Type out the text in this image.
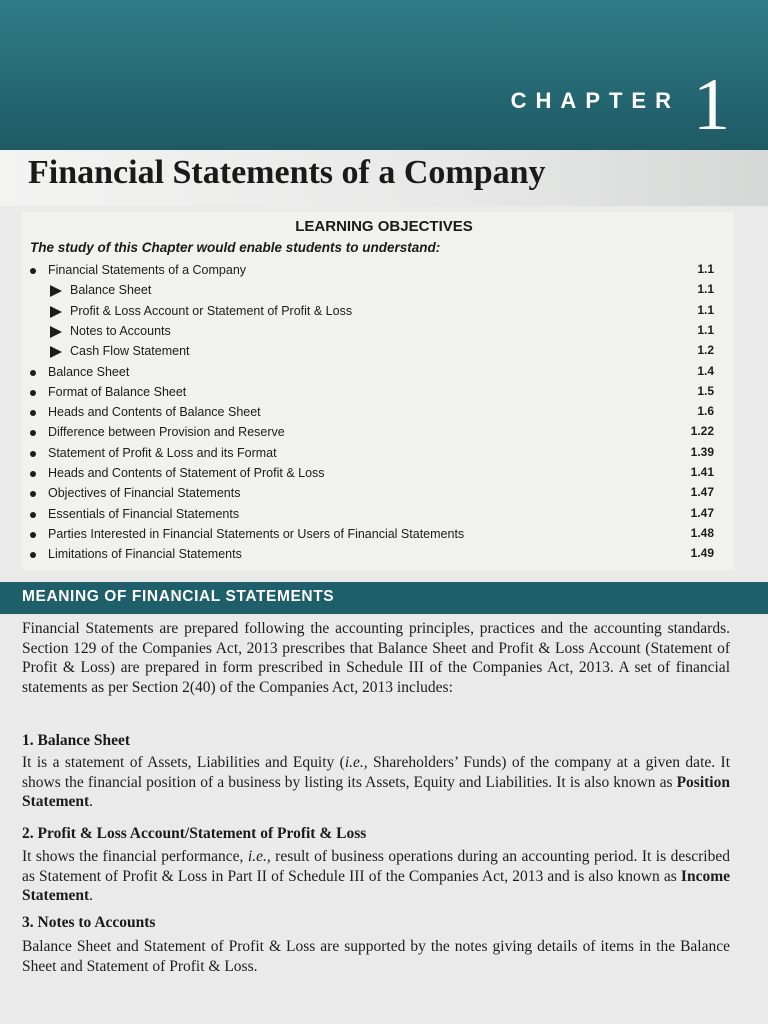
CHAPTER 1
Financial Statements of a Company
LEARNING OBJECTIVES
The study of this Chapter would enable students to understand:
Financial Statements of a Company	1.1
Balance Sheet	1.1
Profit & Loss Account or Statement of Profit & Loss	1.1
Notes to Accounts	1.1
Cash Flow Statement	1.2
Balance Sheet	1.4
Format of Balance Sheet	1.5
Heads and Contents of Balance Sheet	1.6
Difference between Provision and Reserve	1.22
Statement of Profit & Loss and its Format	1.39
Heads and Contents of Statement of Profit & Loss	1.41
Objectives of Financial Statements	1.47
Essentials of Financial Statements	1.47
Parties Interested in Financial Statements or Users of Financial Statements	1.48
Limitations of Financial Statements	1.49
MEANING OF FINANCIAL STATEMENTS
Financial Statements are prepared following the accounting principles, practices and the accounting standards. Section 129 of the Companies Act, 2013 prescribes that Balance Sheet and Profit & Loss Account (Statement of Profit & Loss) are prepared in form prescribed in Schedule III of the Companies Act, 2013. A set of financial statements as per Section 2(40) of the Companies Act, 2013 includes:
1. Balance Sheet
It is a statement of Assets, Liabilities and Equity (i.e., Shareholders’ Funds) of the company at a given date. It shows the financial position of a business by listing its Assets, Equity and Liabilities. It is also known as Position Statement.
2. Profit & Loss Account/Statement of Profit & Loss
It shows the financial performance, i.e., result of business operations during an accounting period. It is described as Statement of Profit & Loss in Part II of Schedule III of the Companies Act, 2013 and is also known as Income Statement.
3. Notes to Accounts
Balance Sheet and Statement of Profit & Loss are supported by the notes giving details of items in the Balance Sheet and Statement of Profit & Loss.
